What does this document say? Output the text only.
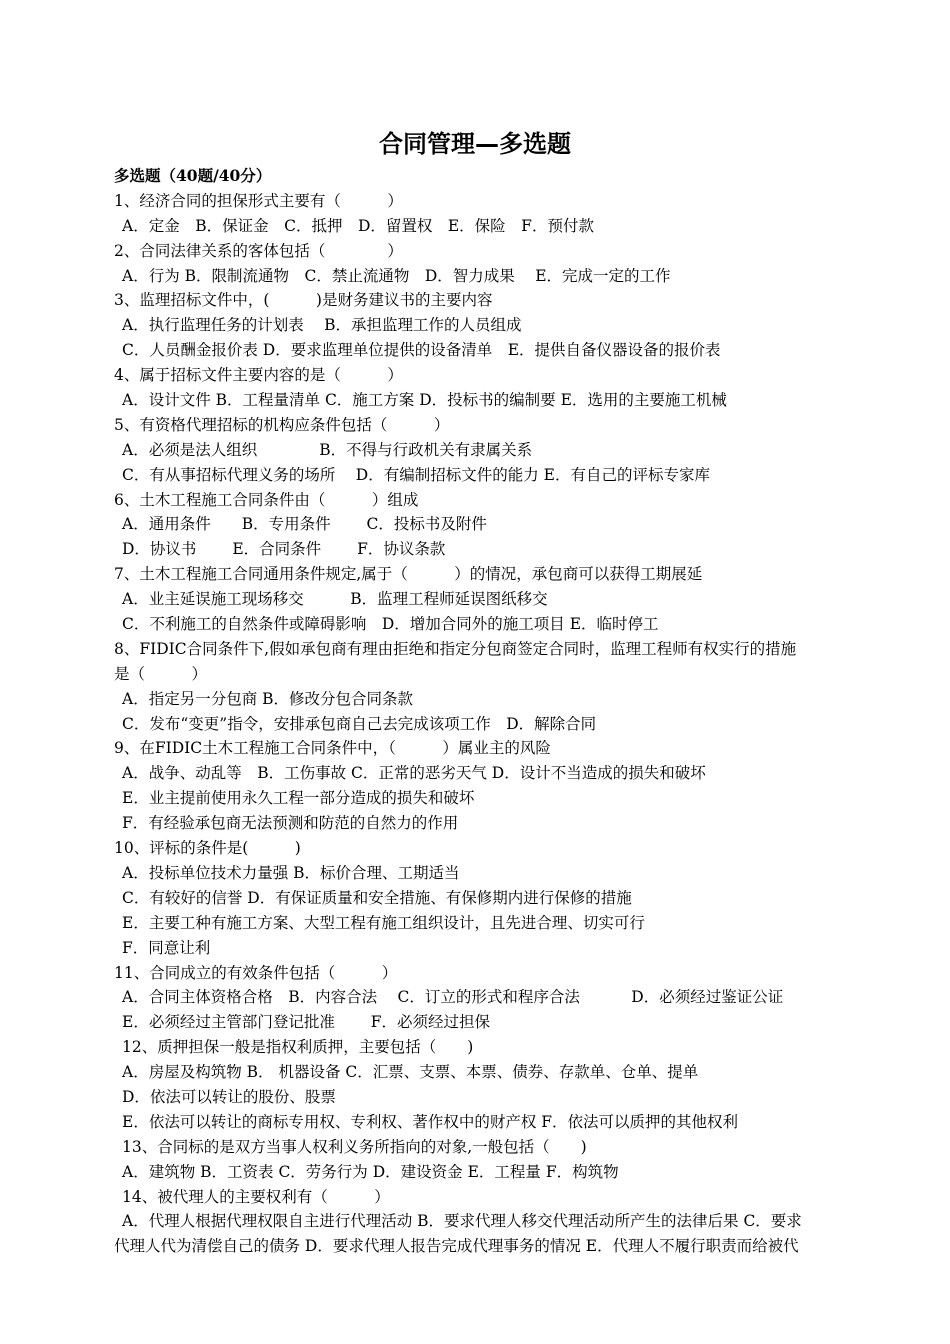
合同管理—多选题
多选题（40题/40分）
1、经济合同的担保形式主要有（　　　）
A．定金　B．保证金　C．抵押　D．留置权　E．保险　F．预付款
2、合同法律关系的客体包括（　　　　）
A．行为 B．限制流通物　C．禁止流通物　D．智力成果　 E．完成一定的工作
3、监理招标文件中，(　　　)是财务建议书的主要内容
A．执行监理任务的计划表　 B．承担监理工作的人员组成
C．人员酬金报价表 D．要求监理单位提供的设备清单　E．提供自备仪器设备的报价表
4、属于招标文件主要内容的是（　　　）
A．设计文件 B．工程量清单 C．施工方案 D．投标书的编制要 E．选用的主要施工机械
5、有资格代理招标的机构应条件包括（　　　）
A．必须是法人组织　　　　B．不得与行政机关有隶属关系
C．有从事招标代理义务的场所　 D．有编制招标文件的能力 E．有自己的评标专家库
6、土木工程施工合同条件由（　　　）组成
A．通用条件　　B．专用条件　　 C．投标书及附件
D．协议书　　 E．合同条件　　 F．协议条款
7、土木工程施工合同通用条件规定,属于（　　　）的情况，承包商可以获得工期展延
A．业主延误施工现场移交　　　B．监理工程师延误图纸移交
C．不利施工的自然条件或障碍影响　D．增加合同外的施工项目 E．临时停工
8、FIDIC合同条件下,假如承包商有理由拒绝和指定分包商签定合同时，监理工程师有权实行的措施
是（　　　）
A．指定另一分包商 B．修改分包合同条款
C．发布“变更”指令，安排承包商自己去完成该项工作　D．解除合同
9、在FIDIC土木工程施工合同条件中，（　　　）属业主的风险
A．战争、动乱等　B．工伤事故 C．正常的恶劣天气 D．设计不当造成的损失和破坏
E．业主提前使用永久工程一部分造成的损失和破坏
F．有经验承包商无法预测和防范的自然力的作用
10、评标的条件是(　　　)
A．投标单位技术力量强 B．标价合理、工期适当
C．有较好的信誉 D．有保证质量和安全措施、有保修期内进行保修的措施
E．主要工种有施工方案、大型工程有施工组织设计，且先进合理、切实可行
F．同意让利
11、合同成立的有效条件包括（　　　）
A．合同主体资格合格　B．内容合法　 C．订立的形式和程序合法　　　 D．必须经过鉴证公证
E．必须经过主管部门登记批准　　 F．必须经过担保
12、质押担保一般是指权利质押，主要包括（　　)
A．房屋及构筑物 B． 机器设备 C．汇票、支票、本票、债券、存款单、仓单、提单
D．依法可以转让的股份、股票
E．依法可以转让的商标专用权、专利权、著作权中的财产权 F．依法可以质押的其他权利
13、合同标的是双方当事人权利义务所指向的对象,一般包括（　　)
A．建筑物 B．工资表 C．劳务行为 D．建设资金 E．工程量 F．构筑物
14、被代理人的主要权利有（　　　）
A．代理人根据代理权限自主进行代理活动 B．要求代理人移交代理活动所产生的法律后果 C．要求
代理人代为清偿自己的债务 D．要求代理人报告完成代理事务的情况 E．代理人不履行职责而给被代
